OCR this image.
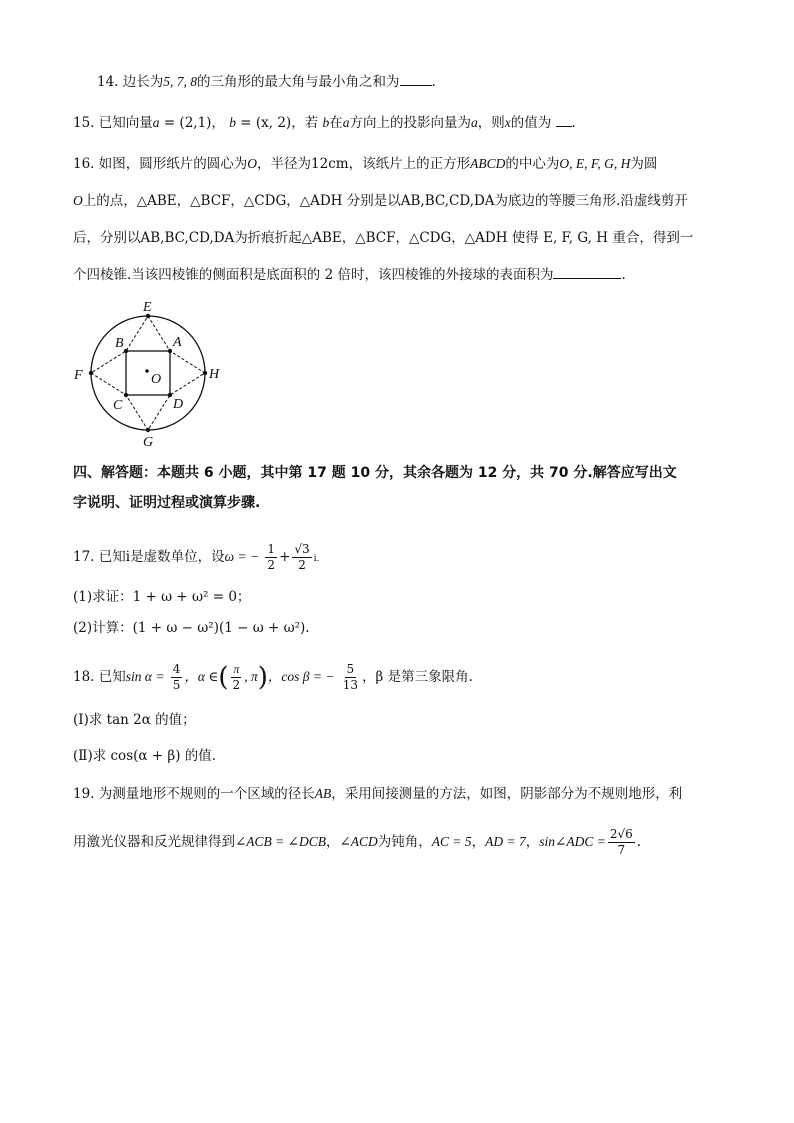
14. 边长为5, 7, 8的三角形的最大角与最小角之和为 .
15. 已知向量a = (2,1)， b = (x, 2)，若 b在a方向上的投影向量为a，则x的值为 .
16. 如图，圆形纸片的圆心为O，半径为12cm，该纸片上的正方形ABCD的中心为O, E, F, G, H为圆
O上的点，△ABE，△BCF，△CDG，△ADH 分别是以AB,BC,CD,DA为底边的等腰三角形.沿虚线剪开
后，分别以AB,BC,CD,DA为折痕折起△ABE，△BCF，△CDG，△ADH 使得 E, F, G, H 重合，得到一
个四棱锥.当该四棱锥的侧面积是底面积的 2 倍时，该四棱锥的外接球的表面积为	.
E
A
B
F	H
O
C	D
G
四、解答题：本题共 6 小题，其中第 17 题 10 分，其余各题为 12 分，共 70 分.解答应写出文
字说明、证明过程或演算步骤.
17. 已知i是虚数单位，设ω = − $\frac{1}{2} + \frac{√3}{2} i$.
(1)求证：1 + ω + ω² = 0；
(2)计算：(1 + ω − ω²)(1 − ω + ω²).
18. 已知$\sin \alpha = \frac{4}{5}$ ，α ∈( $\frac{\pi}{2}$ , π)，cos β = − $\frac{5}{13}$ ，β 是第三象限角.
(Ⅰ)求 tan 2α 的值；
(Ⅱ)求 cos(α + β) 的值.
19. 为测量地形不规则的一个区域的径长AB，采用间接测量的方法，如图，阴影部分为不规则地形，利
用激光仪器和反光规律得到∠ACB = ∠DCB，∠ACD为钝角，AC = 5，AD = 7，sin∠ADC = $\frac{2√6}{7}$ .
